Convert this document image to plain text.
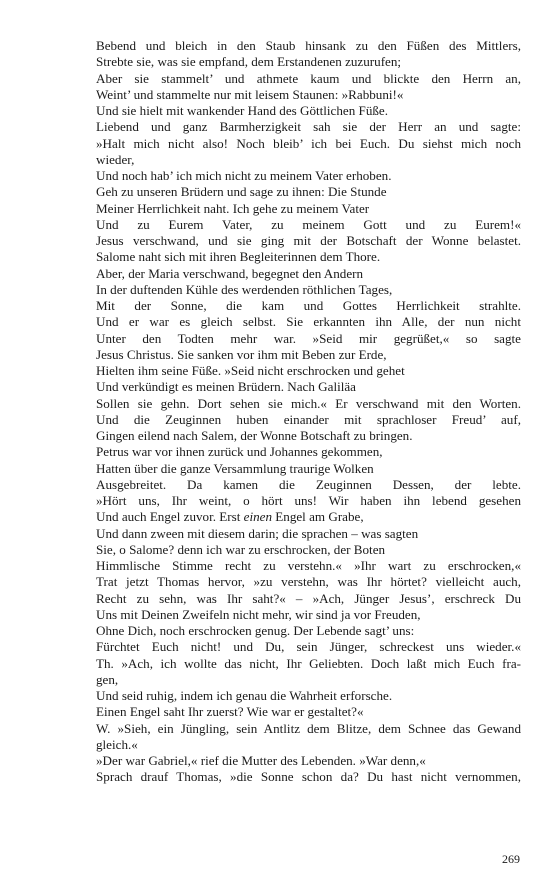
Bebend und bleich in den Staub hinsank zu den Füßen des Mittlers,
Strebte sie, was sie empfand, dem Erstandenen zuzurufen;
Aber sie stammelt’ und athmete kaum und blickte den Herrn an,
Weint’ und stammelte nur mit leisem Staunen: »Rabbuni!«
Und sie hielt mit wankender Hand des Göttlichen Füße.
Liebend und ganz Barmherzigkeit sah sie der Herr an und sagte:
»Halt mich nicht also! Noch bleib’ ich bei Euch. Du siehst mich noch
wieder,
Und noch hab’ ich mich nicht zu meinem Vater erhoben.
Geh zu unseren Brüdern und sage zu ihnen: Die Stunde
Meiner Herrlichkeit naht. Ich gehe zu meinem Vater
Und zu Eurem Vater, zu meinem Gott und zu Eurem!«
Jesus verschwand, und sie ging mit der Botschaft der Wonne belastet.
Salome naht sich mit ihren Begleiterinnen dem Thore.
Aber, der Maria verschwand, begegnet den Andern
In der duftenden Kühle des werdenden röthlichen Tages,
Mit der Sonne, die kam und Gottes Herrlichkeit strahlte.
Und er war es gleich selbst. Sie erkannten ihn Alle, der nun nicht
Unter den Todten mehr war. »Seid mir gegrüßet,« so sagte
Jesus Christus. Sie sanken vor ihm mit Beben zur Erde,
Hielten ihm seine Füße. »Seid nicht erschrocken und gehet
Und verkündigt es meinen Brüdern. Nach Galiläa
Sollen sie gehn. Dort sehen sie mich.« Er verschwand mit den Worten.
Und die Zeuginnen huben einander mit sprachloser Freud’ auf,
Gingen eilend nach Salem, der Wonne Botschaft zu bringen.
Petrus war vor ihnen zurück und Johannes gekommen,
Hatten über die ganze Versammlung traurige Wolken
Ausgebreitet. Da kamen die Zeuginnen Dessen, der lebte.
»Hört uns, Ihr weint, o hört uns! Wir haben ihn lebend gesehen
Und auch Engel zuvor. Erst einen Engel am Grabe,
Und dann zween mit diesem darin; die sprachen – was sagten
Sie, o Salome? denn ich war zu erschrocken, der Boten
Himmlische Stimme recht zu verstehn.« »Ihr wart zu erschrocken,«
Trat jetzt Thomas hervor, »zu verstehn, was Ihr hörtet? vielleicht auch,
Recht zu sehn, was Ihr saht?« – »Ach, Jünger Jesus’, erschreck Du
Uns mit Deinen Zweifeln nicht mehr, wir sind ja vor Freuden,
Ohne Dich, noch erschrocken genug. Der Lebende sagt’ uns:
Fürchtet Euch nicht! und Du, sein Jünger, schreckest uns wieder.«
Th. »Ach, ich wollte das nicht, Ihr Geliebten. Doch laßt mich Euch fra-
gen,
Und seid ruhig, indem ich genau die Wahrheit erforsche.
Einen Engel saht Ihr zuerst? Wie war er gestaltet?«
W. »Sieh, ein Jüngling, sein Antlitz dem Blitze, dem Schnee das Gewand
gleich.«
»Der war Gabriel,« rief die Mutter des Lebenden. »War denn,«
Sprach drauf Thomas, »die Sonne schon da? Du hast nicht vernommen,
269
